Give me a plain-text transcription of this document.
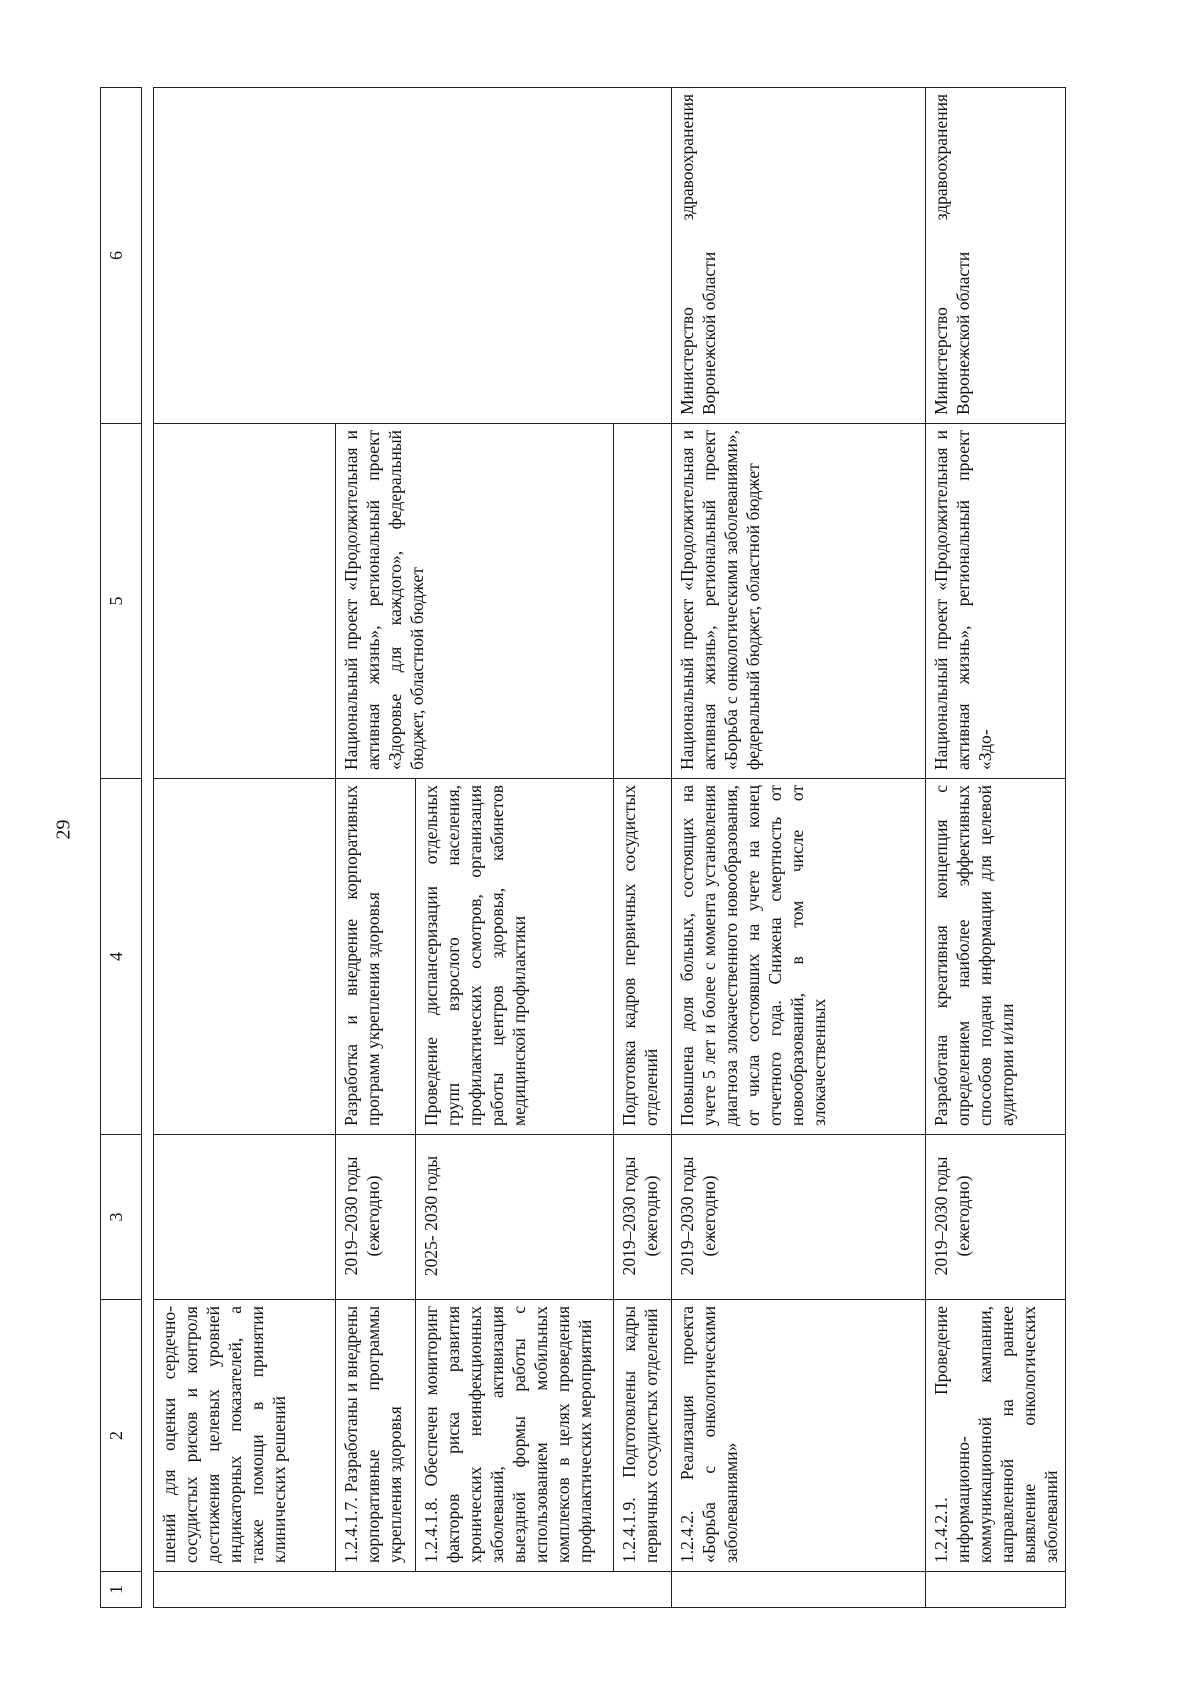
29
1	2	3	4	5	6

	шений для оценки сердечно-сосудистых рисков и контроля достижения целевых уровней индикаторных показателей, а также помощи в принятии клинических решений				
	1.2.4.1.7. Разработаны и внедрены корпоративные программы укрепления здоровья	2019–2030 годы (ежегодно)	Разработка и внедрение корпоративных программ укрепления здоровья	Национальный проект «Продолжительная и активная жизнь», региональный проект «Здоровье для каждого», федеральный бюджет, областной бюджет	
	1.2.4.1.8. Обеспечен мониторинг факторов риска развития хронических неинфекционных заболеваний, активизация выездной формы работы с использованием мобильных комплексов в целях проведения профилактических мероприятий	2025- 2030 годы	Проведение диспансеризации отдельных групп взрослого населения, профилактических осмотров, организация работы центров здоровья, кабинетов медицинской профилактики		
	1.2.4.1.9. Подготовлены кадры первичных сосудистых отделений	2019–2030 годы (ежегодно)	Подготовка кадров первичных сосудистых отделений		
	1.2.4.2. Реализация проекта «Борьба с онкологическими заболеваниями»	2019–2030 годы (ежегодно)	Повышена доля больных, состоящих на учете 5 лет и более с момента установления диагноза злокачественного новообразования, от числа состоявших на учете на конец отчетного года. Снижена смертность от новообразований, в том числе от злокачественных	Национальный проект «Продолжительная и активная жизнь», региональный проект «Борьба с онкологическими заболеваниями», федеральный бюджет, областной бюджет	Министерство здравоохранения Воронежской области
	1.2.4.2.1. Проведение информационно-коммуникационной кампании, направленной на раннее выявление онкологических заболеваний	2019–2030 годы (ежегодно)	Разработана креативная концепция с определением наиболее эффективных способов подачи информации для целевой аудитории и/или	Национальный проект «Продолжительная и активная жизнь», региональный проект «Здо-	Министерство здравоохранения Воронежской области
